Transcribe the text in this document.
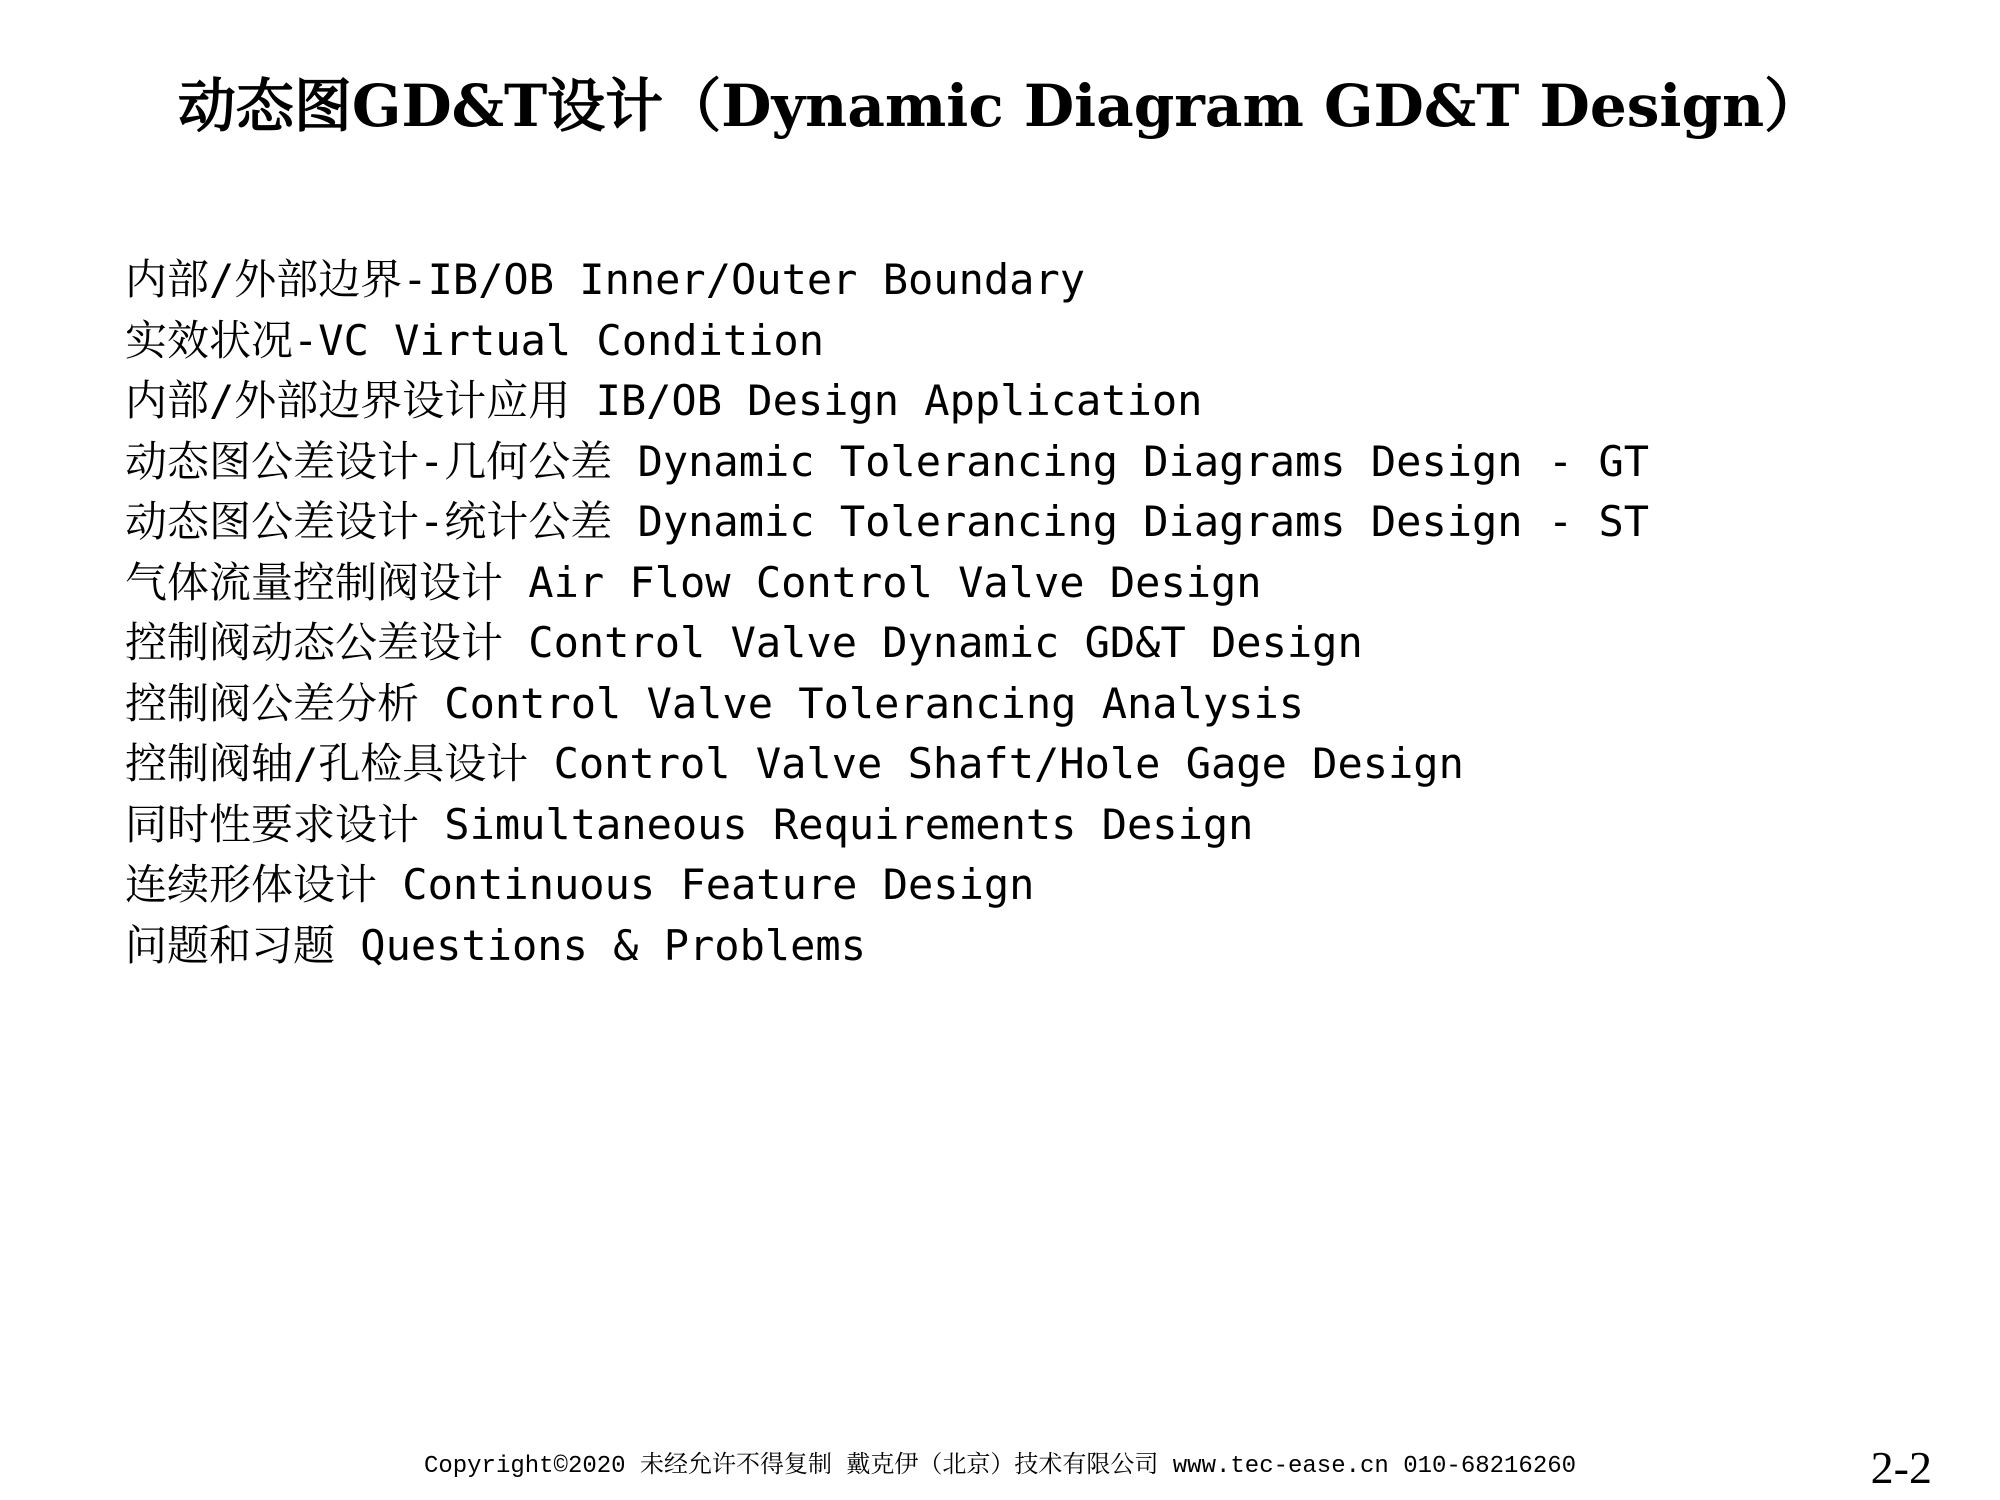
动态图GD&T设计（Dynamic Diagram GD&T Design）
内部/外部边界-IB/OB Inner/Outer Boundary
实效状况-VC Virtual Condition
内部/外部边界设计应用 IB/OB Design Application
动态图公差设计-几何公差 Dynamic Tolerancing Diagrams Design - GT
动态图公差设计-统计公差 Dynamic Tolerancing Diagrams Design - ST
气体流量控制阀设计 Air Flow Control Valve Design
控制阀动态公差设计 Control Valve Dynamic GD&T Design
控制阀公差分析 Control Valve Tolerancing Analysis
控制阀轴/孔检具设计 Control Valve Shaft/Hole Gage Design
同时性要求设计 Simultaneous Requirements Design
连续形体设计 Continuous Feature Design
问题和习题 Questions & Problems
Copyright©2020 未经允许不得复制 戴克伊（北京）技术有限公司 www.tec-ease.cn 010-68216260	2-2
